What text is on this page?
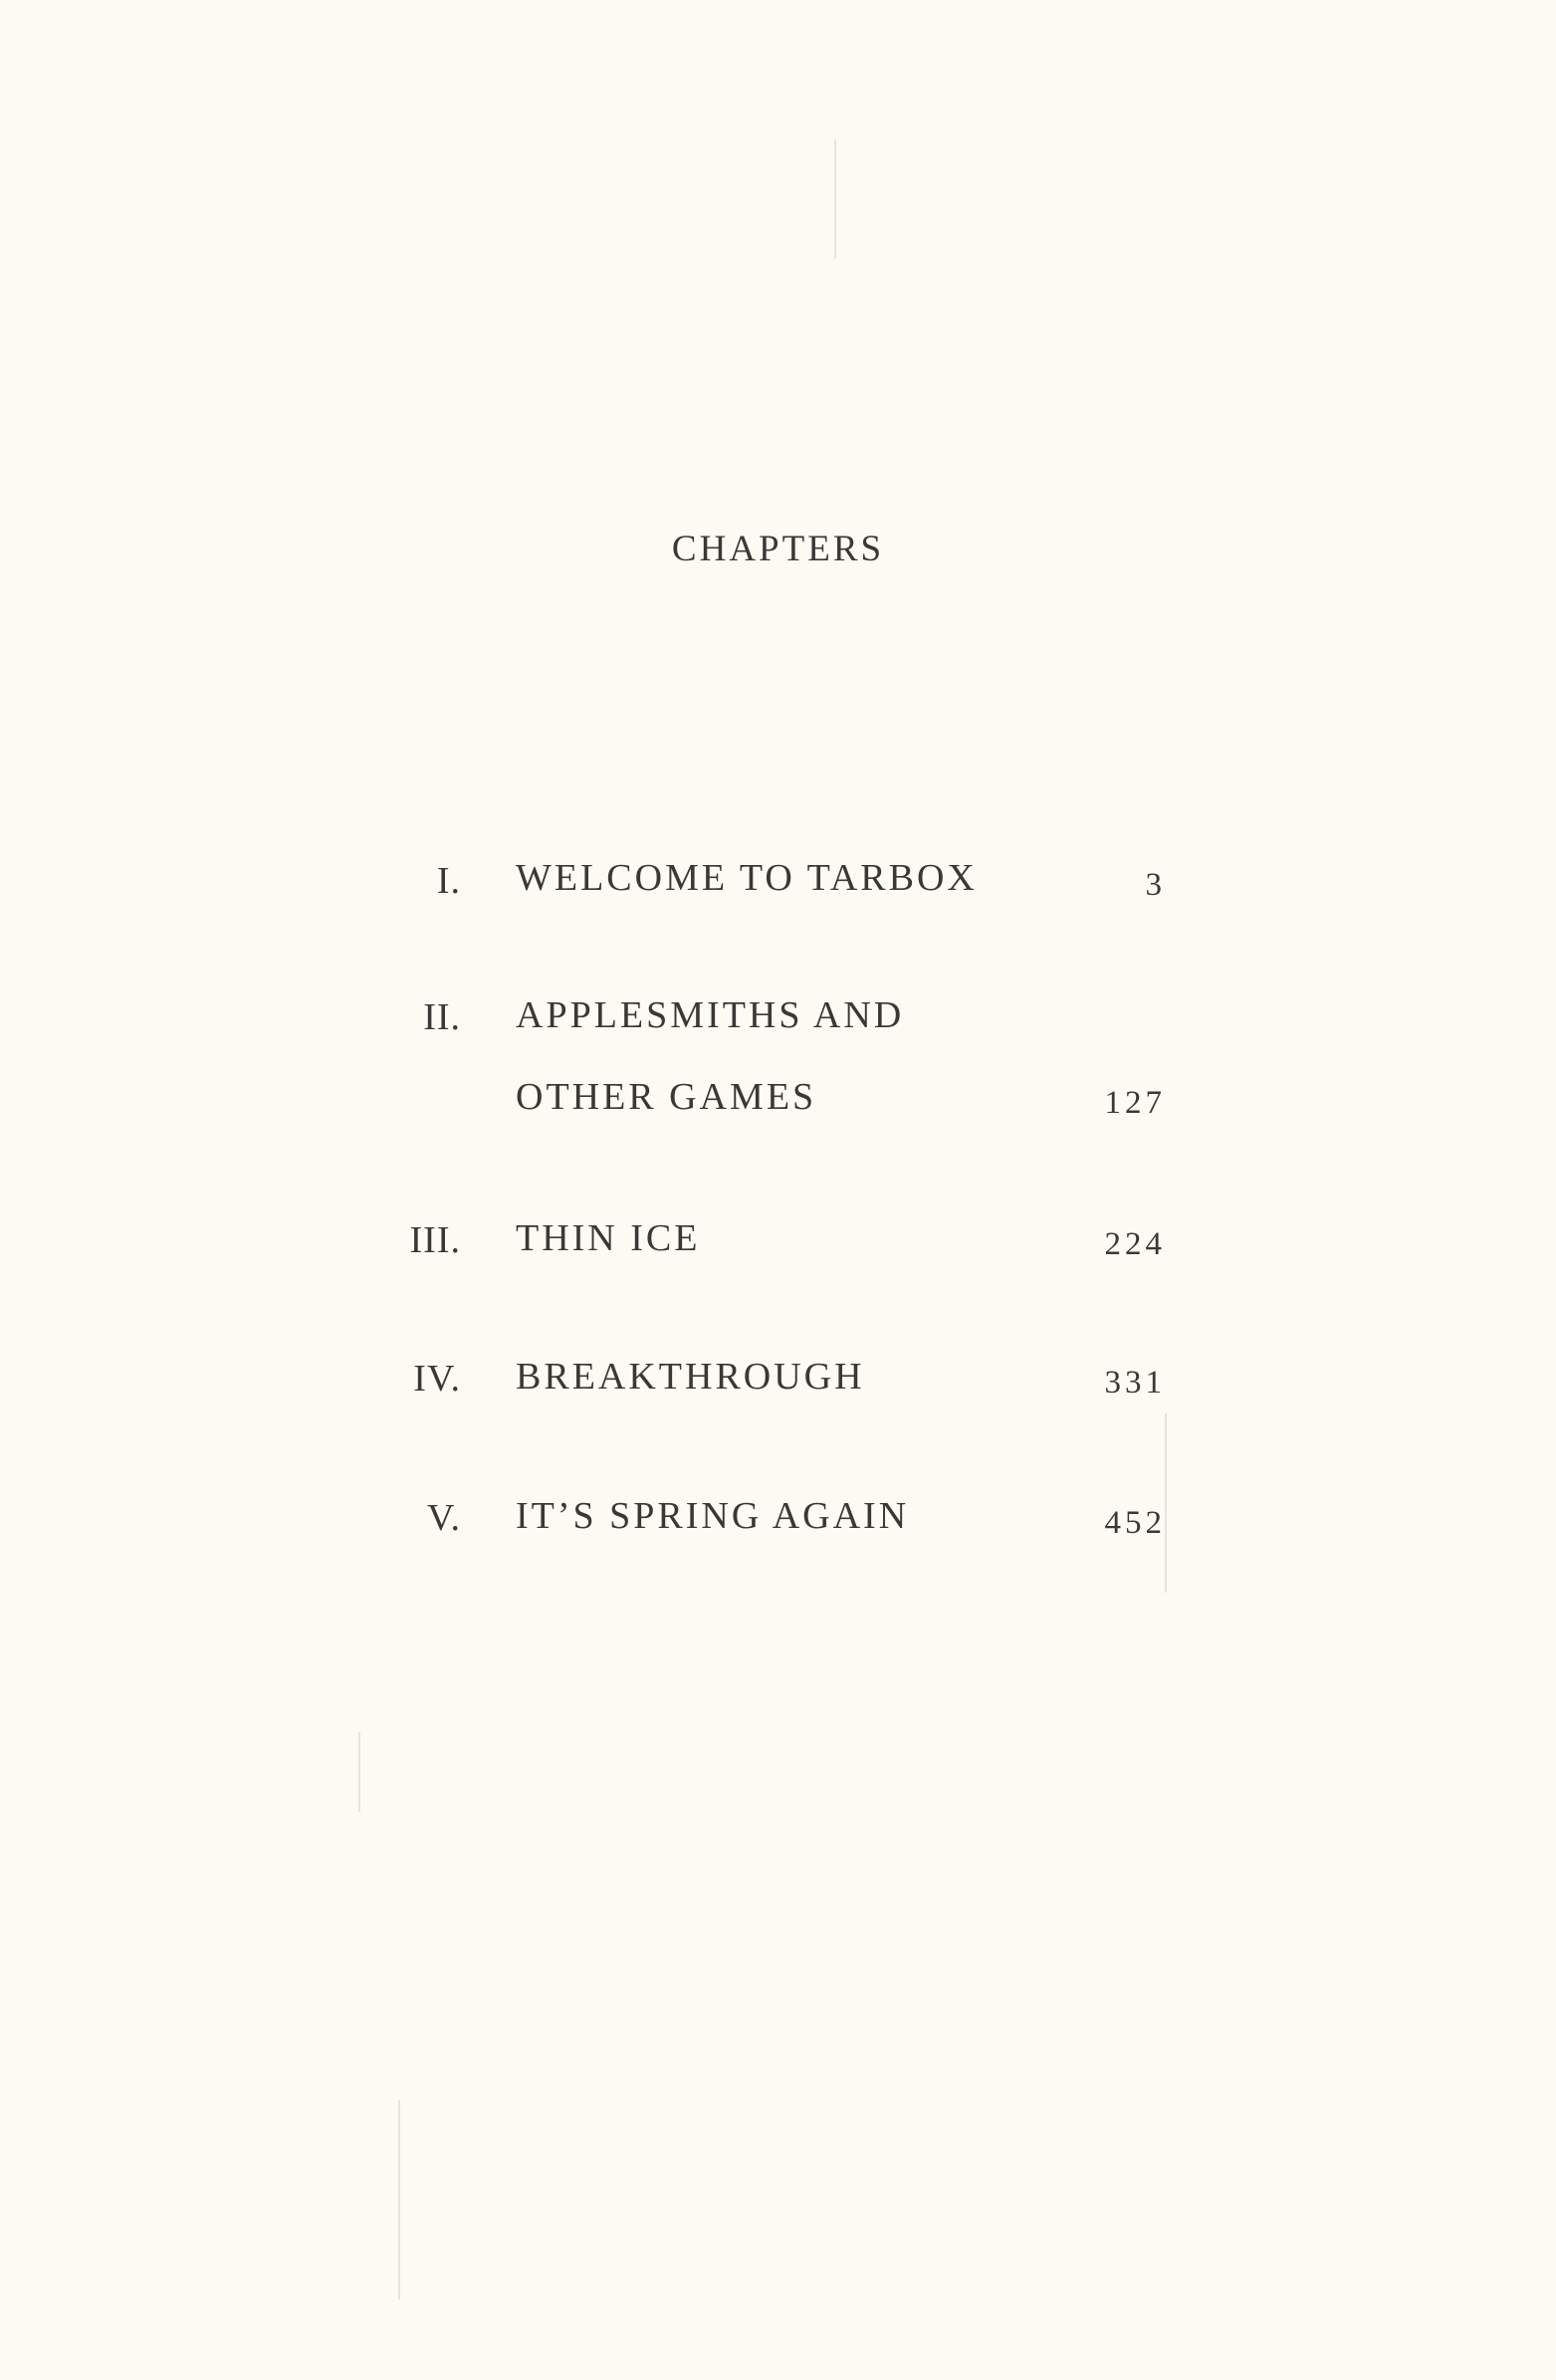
CHAPTERS
I. WELCOME TO TARBOX	3
II. APPLESMITHS AND
OTHER GAMES	127
III. THIN ICE	224
IV. BREAKTHROUGH	331
V. IT’S SPRING AGAIN	452
